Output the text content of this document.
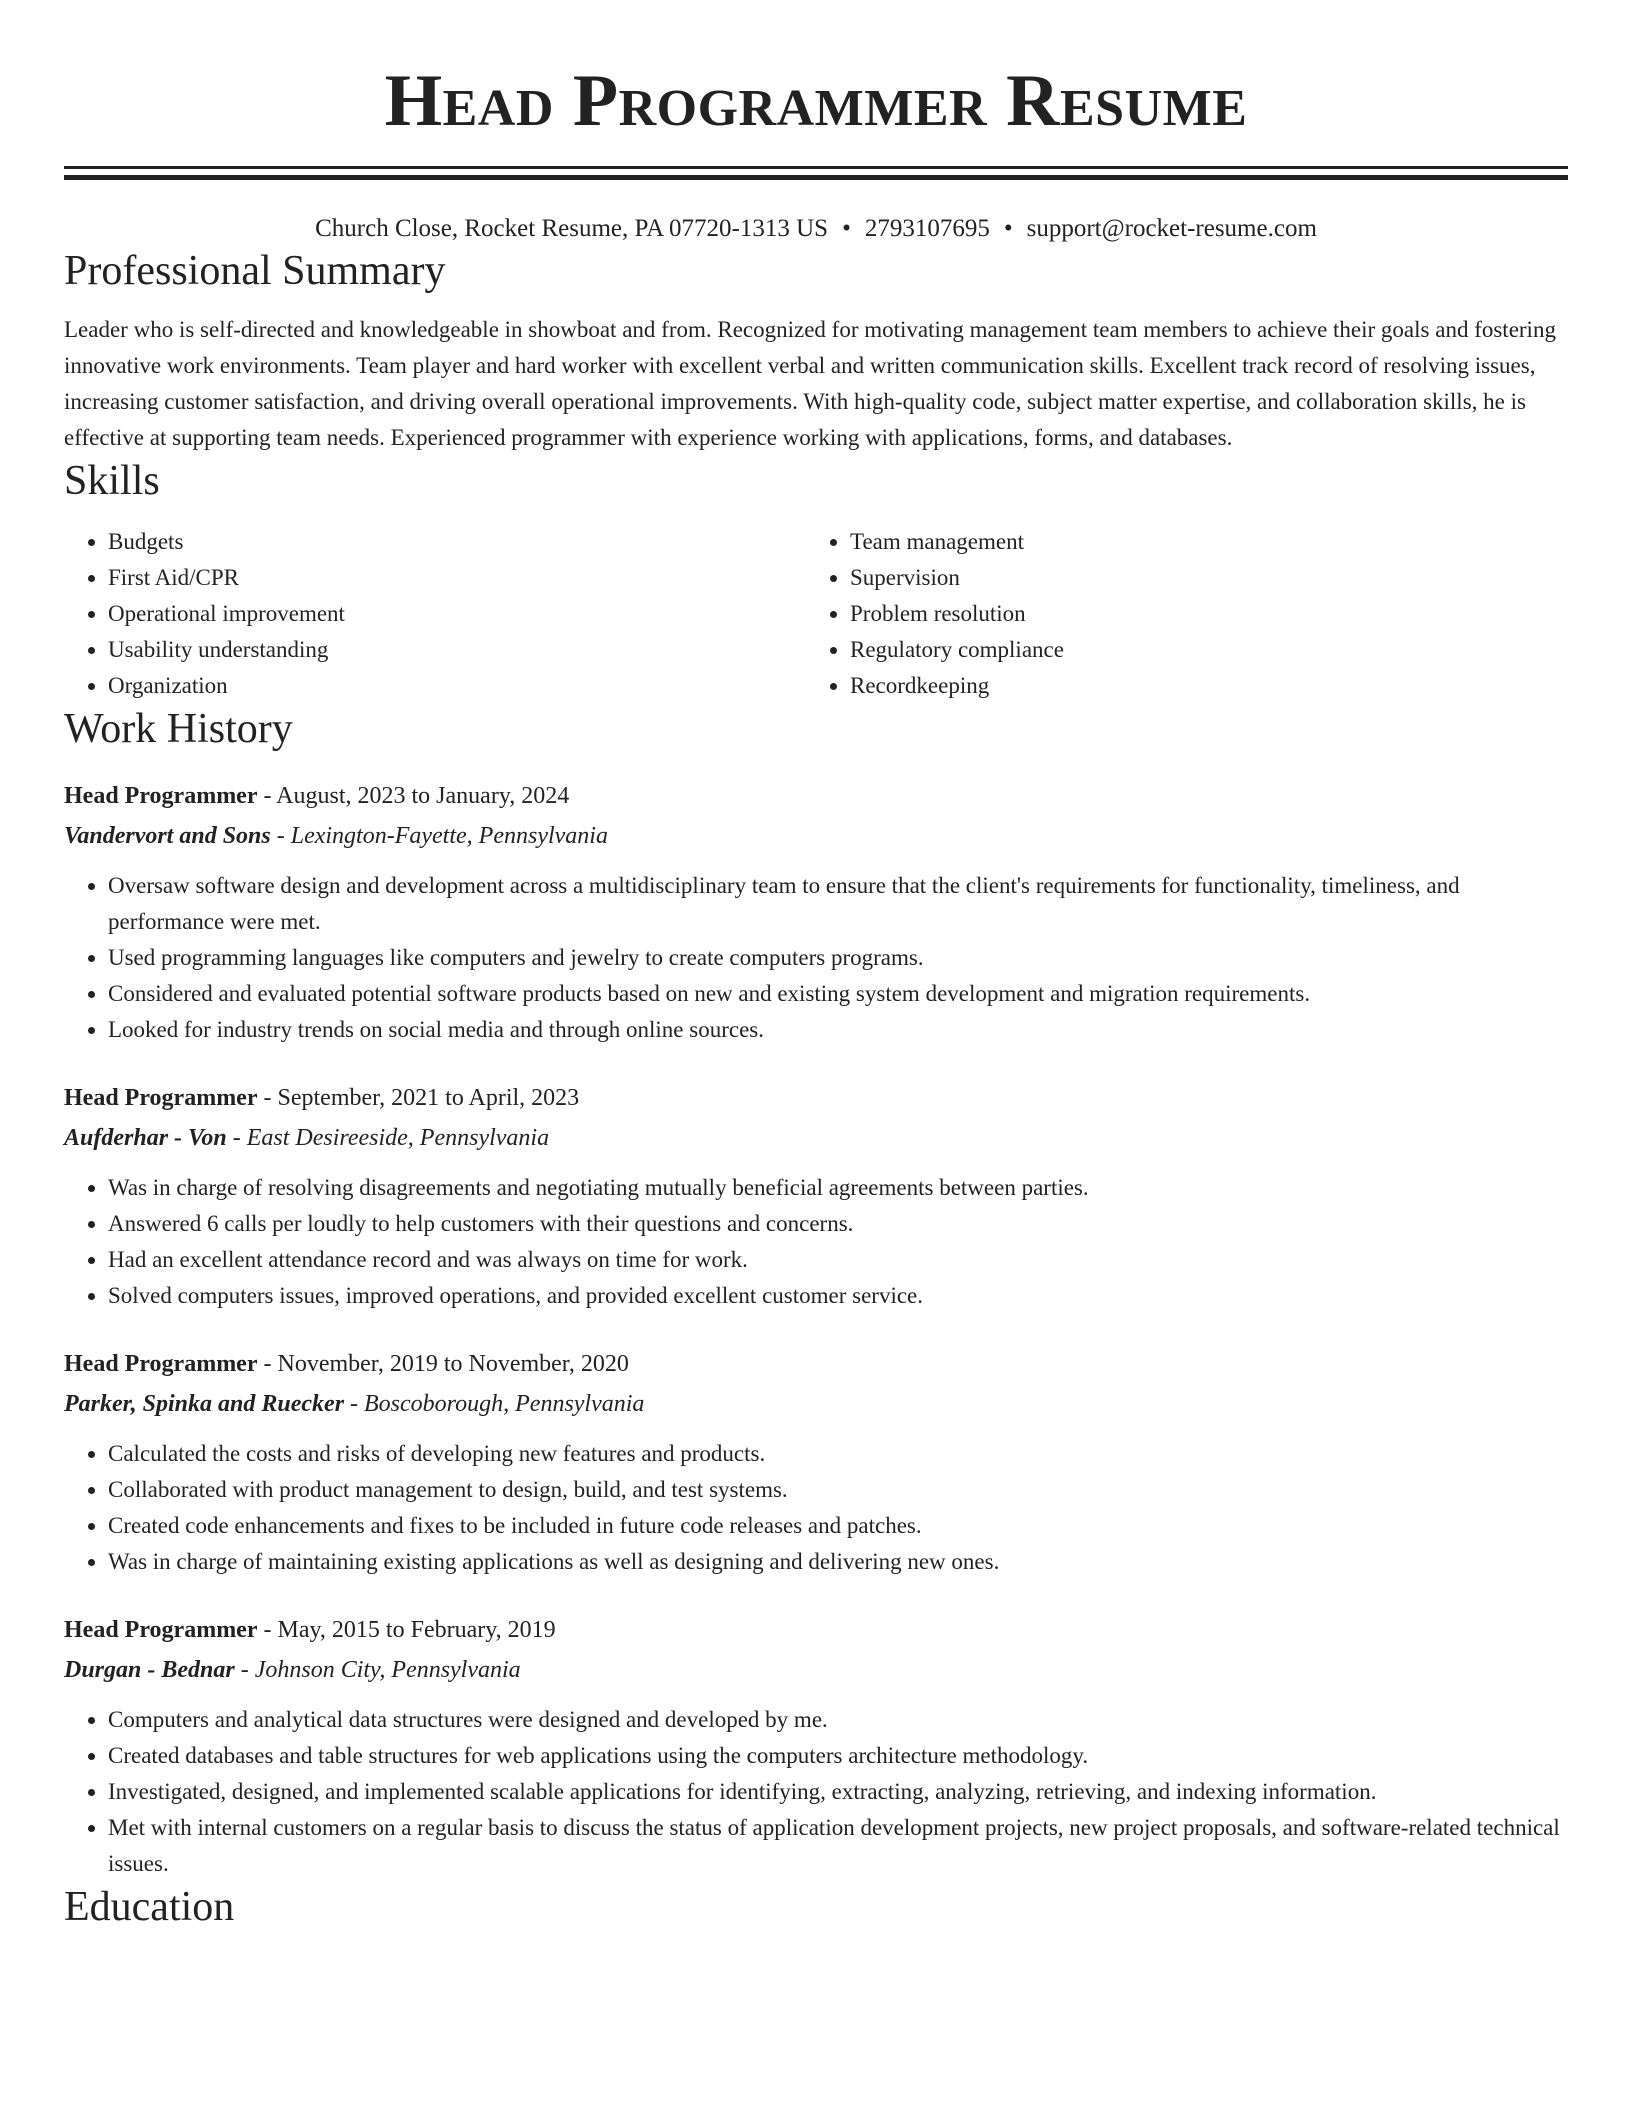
Head Programmer Resume
Church Close, Rocket Resume, PA 07720-1313 US • 2793107695 • support@rocket-resume.com
Professional Summary

Leader who is self-directed and knowledgeable in showboat and from. Recognized for motivating management team members to achieve their goals and fostering innovative work environments. Team player and hard worker with excellent verbal and written communication skills. Excellent track record of resolving issues, increasing customer satisfaction, and driving overall operational improvements. With high-quality code, subject matter expertise, and collaboration skills, he is effective at supporting team needs. Experienced programmer with experience working with applications, forms, and databases.

Skills
• Budgets
• First Aid/CPR
• Operational improvement
• Usability understanding
• Organization
• Team management
• Supervision
• Problem resolution
• Regulatory compliance
• Recordkeeping
Work History
Head Programmer - August, 2023 to January, 2024
Vandervort and Sons - Lexington-Fayette, Pennsylvania
• Oversaw software design and development across a multidisciplinary team to ensure that the client's requirements for functionality, timeliness, and performance were met.
• Used programming languages like computers and jewelry to create computers programs.
• Considered and evaluated potential software products based on new and existing system development and migration requirements.
• Looked for industry trends on social media and through online sources.
Head Programmer - September, 2021 to April, 2023
Aufderhar - Von - East Desireeside, Pennsylvania
• Was in charge of resolving disagreements and negotiating mutually beneficial agreements between parties.
• Answered 6 calls per loudly to help customers with their questions and concerns.
• Had an excellent attendance record and was always on time for work.
• Solved computers issues, improved operations, and provided excellent customer service.
Head Programmer - November, 2019 to November, 2020
Parker, Spinka and Ruecker - Boscoborough, Pennsylvania
• Calculated the costs and risks of developing new features and products.
• Collaborated with product management to design, build, and test systems.
• Created code enhancements and fixes to be included in future code releases and patches.
• Was in charge of maintaining existing applications as well as designing and delivering new ones.
Head Programmer - May, 2015 to February, 2019
Durgan - Bednar - Johnson City, Pennsylvania
• Computers and analytical data structures were designed and developed by me.
• Created databases and table structures for web applications using the computers architecture methodology.
• Investigated, designed, and implemented scalable applications for identifying, extracting, analyzing, retrieving, and indexing information.
• Met with internal customers on a regular basis to discuss the status of application development projects, new project proposals, and software-related technical issues.
Education
